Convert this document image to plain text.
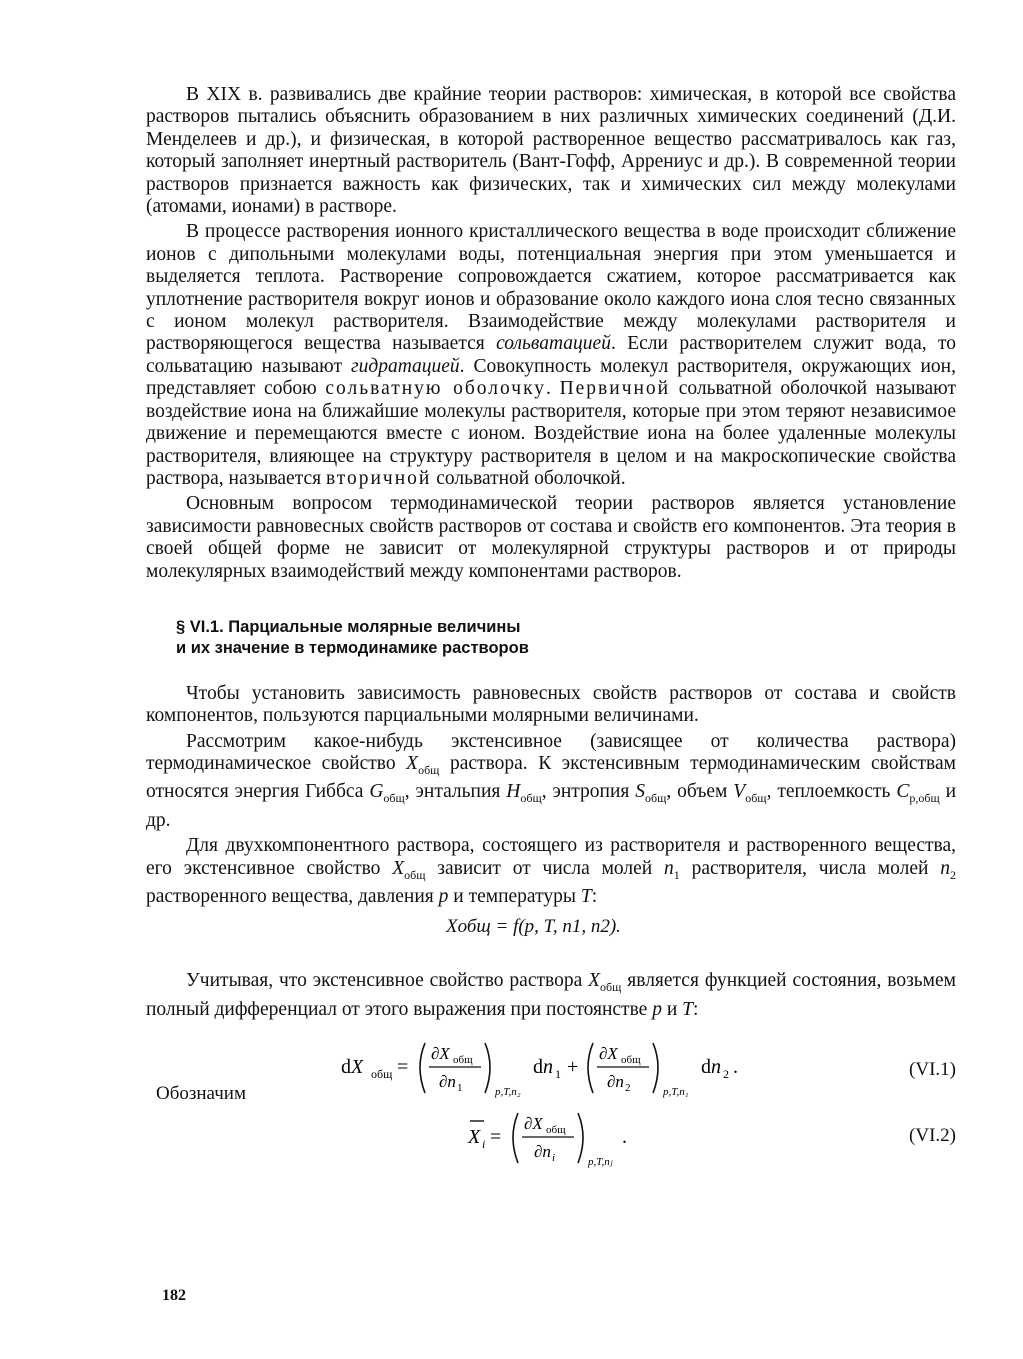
В XIX в. развивались две крайние теории растворов: химическая, в которой все свойства растворов пытались объяснить образованием в них различных химических соединений (Д.И. Менделеев и др.), и физическая, в которой растворенное вещество рассматривалось как газ, который заполняет инертный растворитель (Вант-Гофф, Аррениус и др.). В современной теории растворов признается важность как физических, так и химических сил между молекулами (атомами, ионами) в растворе.

В процессе растворения ионного кристаллического вещества в воде происходит сближение ионов с дипольными молекулами воды, потенциальная энергия при этом уменьшается и выделяется теплота. Растворение сопровождается сжатием, которое рассматривается как уплотнение растворителя вокруг ионов и образование около каждого иона слоя тесно связанных с ионом молекул растворителя. Взаимодействие между молекулами растворителя и растворяющегося вещества называется сольватацией. Если растворителем служит вода, то сольватацию называют гидратацией. Совокупность молекул растворителя, окружающих ион, представляет собою сольватную оболочку. Первичной сольватной оболочкой называют воздействие иона на ближайшие молекулы растворителя, которые при этом теряют независимое движение и перемещаются вместе с ионом. Воздействие иона на более удаленные молекулы растворителя, влияющее на структуру растворителя в целом и на макроскопические свойства раствора, называется вторичной сольватной оболочкой.

Основным вопросом термодинамической теории растворов является установление зависимости равновесных свойств растворов от состава и свойств его компонентов. Эта теория в своей общей форме не зависит от молекулярной структуры растворов и от природы молекулярных взаимодействий между компонентами растворов.

§ VI.1. Парциальные молярные величины
и их значение в термодинамике растворов

Чтобы установить зависимость равновесных свойств растворов от состава и свойств компонентов, пользуются парциальными молярными величинами.

Рассмотрим какое-нибудь экстенсивное (зависящее от количества раствора) термодинамическое свойство $X_{общ}$ раствора. К экстенсивным термодинамическим свойствам относятся энергия Гиббса $G_{общ}$, энтальпия $H_{общ}$, энтропия $S_{общ}$, объем $V_{общ}$, теплоемкость $C_{p,общ}$ и др.

Для двухкомпонентного раствора, состоящего из растворителя и растворенного вещества, его экстенсивное свойство $X_{общ}$ зависит от числа молей $n_1$ растворителя, числа молей $n_2$ растворенного вещества, давления p и температуры T:

Xобщ = f(p, T, n1, n2).

Учитывая, что экстенсивное свойство раствора $X_{общ}$ является функцией состояния, возьмем полный дифференциал от этого выражения при постоянстве p и T:

dX общ =
∂X общ
∂n 1	p,T,n₂
dn 1 +
∂X общ
∂n 2	p,T,n₁
dn 2 .	(VI.1)
Обозначим
X i =
∂X общ
∂n i	p,T,nⱼ
.	(VI.2)
182
